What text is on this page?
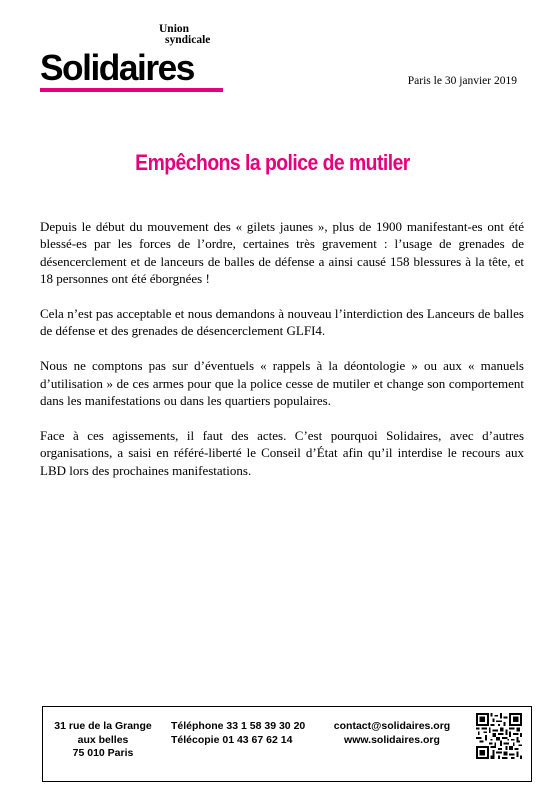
Union
syndicale
Solidaires	Paris le 30 janvier 2019
Empêchons la police de mutiler

Depuis le début du mouvement des « gilets jaunes », plus de 1900 manifestant-es ont été blessé-es par les forces de l’ordre, certaines très gravement : l’usage de grenades de désencerclement et de lanceurs de balles de défense a ainsi causé 158 blessures à la tête, et 18 personnes ont été éborgnées !

Cela n’est pas acceptable et nous demandons à nouveau l’interdiction des Lanceurs de balles de défense et des grenades de désencerclement GLFI4.

Nous ne comptons pas sur d’éventuels « rappels à la déontologie » ou aux « manuels d’utilisation » de ces armes pour que la police cesse de mutiler et change son comportement dans les manifestations ou dans les quartiers populaires.

Face à ces agissements, il faut des actes. C’est pourquoi Solidaires, avec d’autres organisations, a saisi en référé-liberté le Conseil d’État afin qu’il interdise le recours aux LBD lors des prochaines manifestations.

31 rue de la Grange
aux belles
75 010 Paris
Téléphone 33 1 58 39 30 20
Télécopie 01 43 67 62 14
contact@solidaires.org
www.solidaires.org
